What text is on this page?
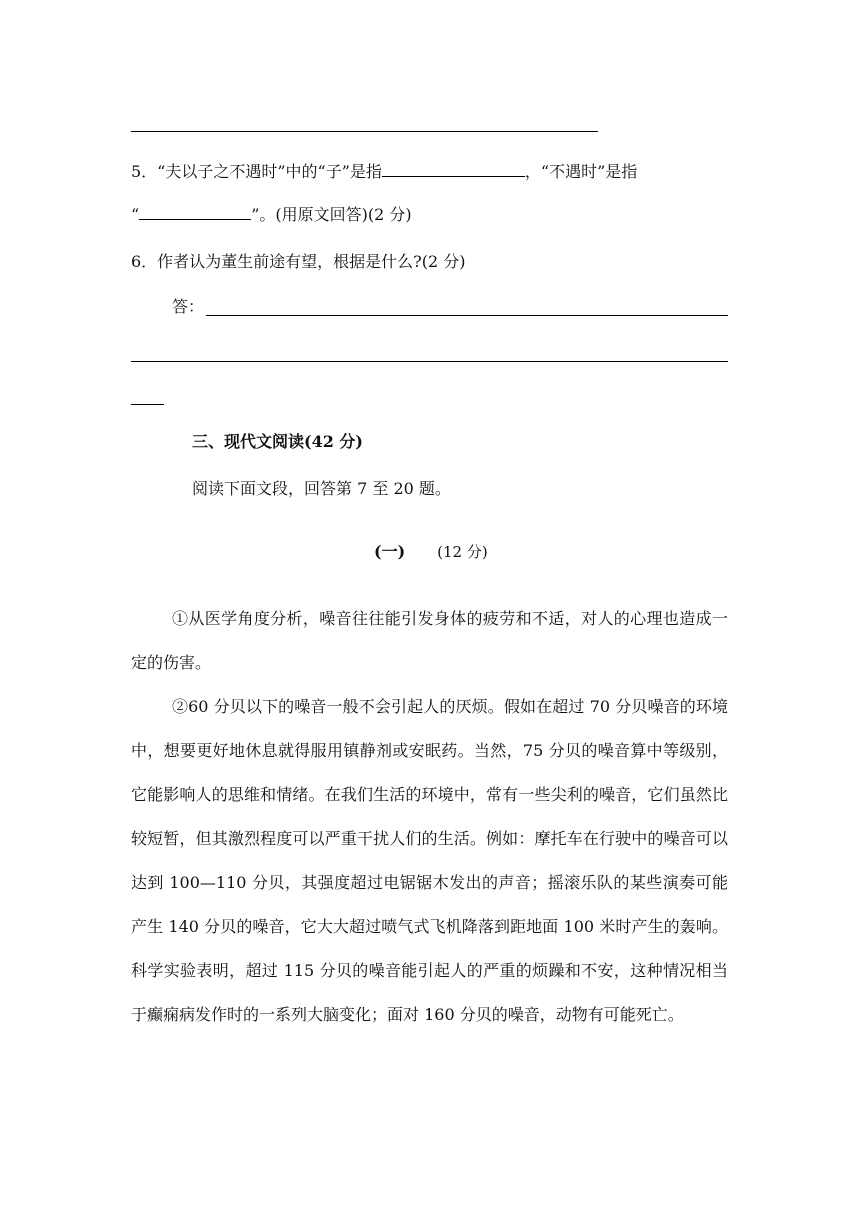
5．“夫以子之不遇时”中的“子”是指	，“不遇时”是指
“	”。(用原文回答)(2 分)
6．作者认为董生前途有望，根据是什么?(2 分)
答：
三、现代文阅读(42 分)
阅读下面文段，回答第 7 至 20 题。
(一) (12 分)
①从医学角度分析，噪音往往能引发身体的疲劳和不适，对人的心理也造成一定的伤害。
②60 分贝以下的噪音一般不会引起人的厌烦。假如在超过 70 分贝噪音的环境中，想要更好地休息就得服用镇静剂或安眠药。当然，75 分贝的噪音算中等级别，它能影响人的思维和情绪。在我们生活的环境中，常有一些尖利的噪音，它们虽然比较短暂，但其激烈程度可以严重干扰人们的生活。例如：摩托车在行驶中的噪音可以达到 100—110 分贝，其强度超过电锯锯木发出的声音；摇滚乐队的某些演奏可能产生 140 分贝的噪音，它大大超过喷气式飞机降落到距地面 100 米时产生的轰响。科学实验表明，超过 115 分贝的噪音能引起人的严重的烦躁和不安，这种情况相当于癫痫病发作时的一系列大脑变化；面对 160 分贝的噪音，动物有可能死亡。
